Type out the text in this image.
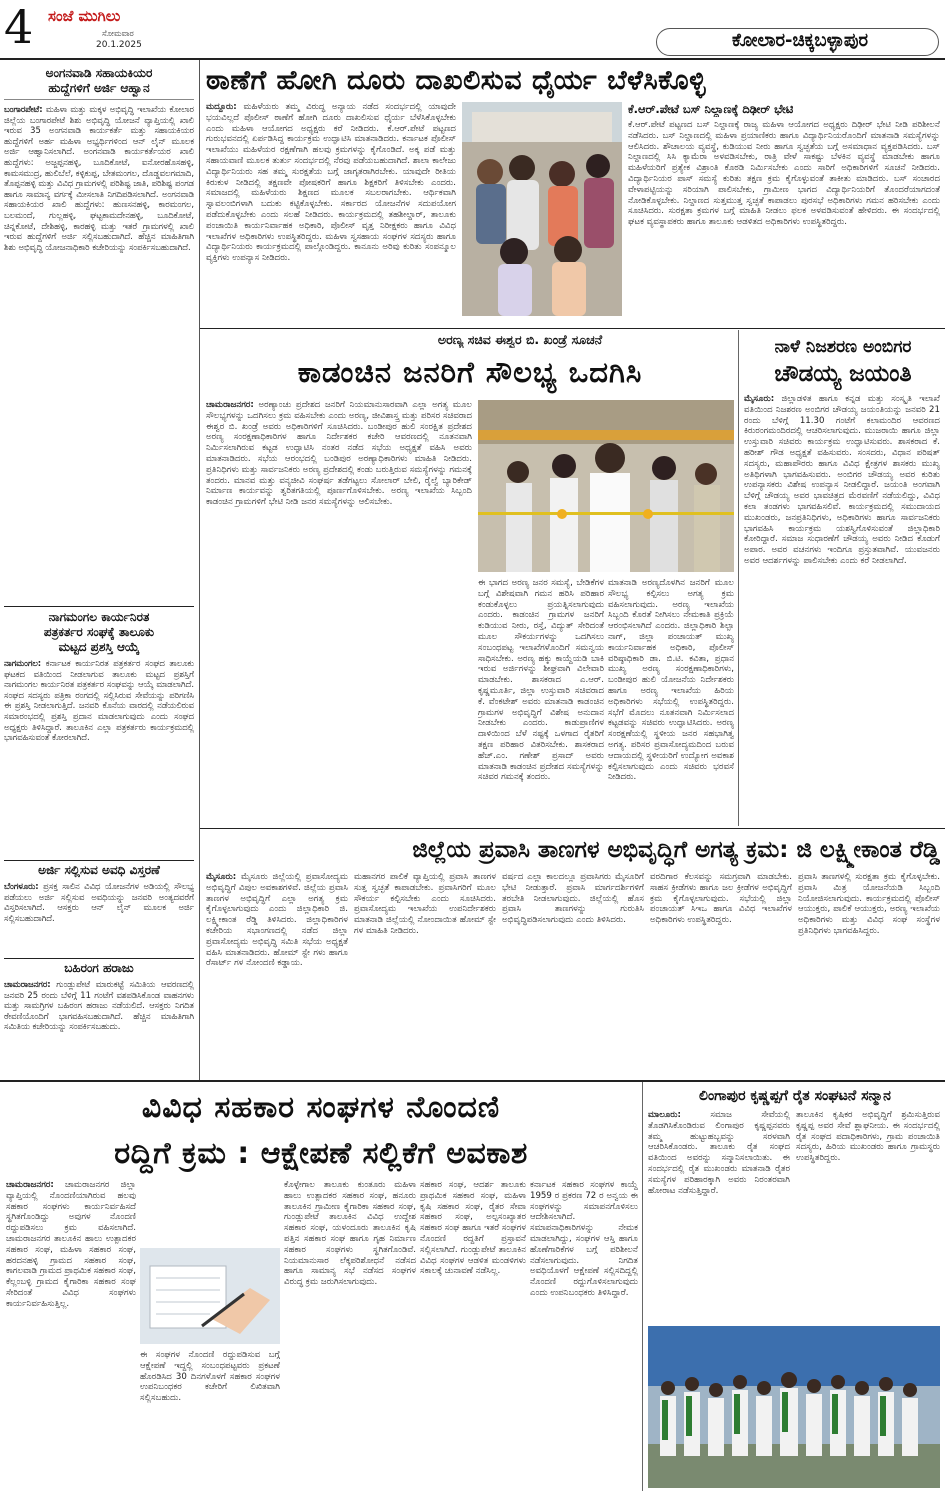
4 ಸಂಜೆ ಮುಗಿಲು
ಸೋಮವಾರ
20.1.2025	ಕೋಲಾರ-ಚಿಕ್ಕಬಳ್ಳಾಪುರ
ಅಂಗನವಾಡಿ ಸಹಾಯಕಿಯರ
ಹುದ್ದೆಗಳಿಗೆ ಅರ್ಜಿ ಆಹ್ವಾನ
ಬಂಗಾರಪೇಟೆ: ಮಹಿಳಾ ಮತ್ತು ಮಕ್ಕಳ ಅಭಿವೃದ್ಧಿ ಇಲಾಖೆಯ ಕೋಲಾರ ಜಿಲ್ಲೆಯ ಬಂಗಾರಪೇಟೆ ಶಿಶು ಅಭಿವೃದ್ಧಿ ಯೋಜನೆ ವ್ಯಾಪ್ತಿಯಲ್ಲಿ ಖಾಲಿ ಇರುವ 35 ಅಂಗನವಾಡಿ ಕಾರ್ಯಕರ್ತೆ ಮತ್ತು ಸಹಾಯಕಿಯರ ಹುದ್ದೆಗಳಿಗೆ ಅರ್ಹ ಮಹಿಳಾ ಅಭ್ಯರ್ಥಿಗಳಿಂದ ಆನ್ ಲೈನ್ ಮೂಲಕ ಅರ್ಜಿ ಆಹ್ವಾನಿಸಲಾಗಿದೆ. ಅಂಗನವಾಡಿ ಕಾರ್ಯಕರ್ತೆಯರ ಖಾಲಿ ಹುದ್ದೆಗಳು: ಅಜ್ಜಪ್ಪನಹಳ್ಳಿ, ಬೂದಿಕೋಟೆ, ಐನೋರಹೊಸಹಳ್ಳಿ, ಕಾಮಸಮುದ್ರ, ಹುಲಿಬೆಲೆ, ಕಳ್ಳಿಕುಪ್ಪ, ಬೇತಮಂಗಲ, ದೊಡ್ಡವಲಗಮಾದಿ, ತೊಪ್ಪನಹಳ್ಳಿ ಮತ್ತು ವಿವಿಧ ಗ್ರಾಮಗಳಲ್ಲಿ ಪರಿಶಿಷ್ಟ ಜಾತಿ, ಪರಿಶಿಷ್ಟ ಪಂಗಡ ಹಾಗೂ ಸಾಮಾನ್ಯ ವರ್ಗಕ್ಕೆ ಮೀಸಲಾತಿ ನಿಗದಿಪಡಿಸಲಾಗಿದೆ. ಅಂಗನವಾಡಿ ಸಹಾಯಕಿಯರ ಖಾಲಿ ಹುದ್ದೆಗಳು: ಹುಣಸನಹಳ್ಳಿ, ಕಾರಮಂಗಲ, ಬಲಮಂದೆ, ಗುಲ್ಲಹಳ್ಳಿ, ಘಟ್ಟಕಾಮದೇನಹಳ್ಳಿ, ಬೂದಿಕೋಟೆ, ಚಿನ್ನಕೋಟೆ, ದೇಶಿಹಳ್ಳಿ, ಕಾರಹಳ್ಳಿ ಮತ್ತು ಇತರೆ ಗ್ರಾಮಗಳಲ್ಲಿ ಖಾಲಿ ಇರುವ ಹುದ್ದೆಗಳಿಗೆ ಅರ್ಜಿ ಸಲ್ಲಿಸಬಹುದಾಗಿದೆ. ಹೆಚ್ಚಿನ ಮಾಹಿತಿಗಾಗಿ ಶಿಶು ಅಭಿವೃದ್ಧಿ ಯೋಜನಾಧಿಕಾರಿ ಕಚೇರಿಯನ್ನು ಸಂಪರ್ಕಿಸಬಹುದಾಗಿದೆ.
ನಾಗಮಂಗಲ ಕಾರ್ಯನಿರತ
ಪತ್ರಕರ್ತರ ಸಂಘಕ್ಕೆ ತಾಲೂಕು
ಮಟ್ಟದ ಪ್ರಶಸ್ತಿ ಆಯ್ಕೆ
ನಾಗಮಂಗಲ: ಕರ್ನಾಟಕ ಕಾರ್ಯನಿರತ ಪತ್ರಕರ್ತರ ಸಂಘದ ತಾಲೂಕು ಘಟಕದ ವತಿಯಿಂದ ನೀಡಲಾಗುವ ತಾಲೂಕು ಮಟ್ಟದ ಪ್ರಶಸ್ತಿಗೆ ನಾಗಮಂಗಲ ಕಾರ್ಯನಿರತ ಪತ್ರಕರ್ತರ ಸಂಘವನ್ನು ಆಯ್ಕೆ ಮಾಡಲಾಗಿದೆ. ಸಂಘದ ಸದಸ್ಯರು ಪತ್ರಿಕಾ ರಂಗದಲ್ಲಿ ಸಲ್ಲಿಸಿರುವ ಸೇವೆಯನ್ನು ಪರಿಗಣಿಸಿ ಈ ಪ್ರಶಸ್ತಿ ನೀಡಲಾಗುತ್ತಿದೆ. ಜನವರಿ ಕೊನೆಯ ವಾರದಲ್ಲಿ ನಡೆಯಲಿರುವ ಸಮಾರಂಭದಲ್ಲಿ ಪ್ರಶಸ್ತಿ ಪ್ರದಾನ ಮಾಡಲಾಗುವುದು ಎಂದು ಸಂಘದ ಅಧ್ಯಕ್ಷರು ತಿಳಿಸಿದ್ದಾರೆ. ತಾಲೂಕಿನ ಎಲ್ಲಾ ಪತ್ರಕರ್ತರು ಕಾರ್ಯಕ್ರಮದಲ್ಲಿ ಭಾಗವಹಿಸುವಂತೆ ಕೋರಲಾಗಿದೆ.
ಅರ್ಜಿ ಸಲ್ಲಿಸುವ ಅವಧಿ ವಿಸ್ತರಣೆ
ಬೆಂಗಳೂರು: ಪ್ರಸಕ್ತ ಸಾಲಿನ ವಿವಿಧ ಯೋಜನೆಗಳ ಅಡಿಯಲ್ಲಿ ಸೌಲಭ್ಯ ಪಡೆಯಲು ಅರ್ಜಿ ಸಲ್ಲಿಸುವ ಅವಧಿಯನ್ನು ಜನವರಿ ಅಂತ್ಯದವರೆಗೆ ವಿಸ್ತರಿಸಲಾಗಿದೆ. ಆಸಕ್ತರು ಆನ್ ಲೈನ್ ಮೂಲಕ ಅರ್ಜಿ ಸಲ್ಲಿಸಬಹುದಾಗಿದೆ.
ಬಹಿರಂಗ ಹರಾಜು
ಚಾಮರಾಜನಗರ: ಗುಂಡ್ಲುಪೇಟೆ ಮಾರುಕಟ್ಟೆ ಸಮಿತಿಯ ಆವರಣದಲ್ಲಿ ಜನವರಿ 25 ರಂದು ಬೆಳಿಗ್ಗೆ 11 ಗಂಟೆಗೆ ವಶಪಡಿಸಿಕೊಂಡ ವಾಹನಗಳು ಮತ್ತು ಸಾಮಗ್ರಿಗಳ ಬಹಿರಂಗ ಹರಾಜು ನಡೆಯಲಿದೆ. ಆಸಕ್ತರು ನಿಗದಿತ ಠೇವಣಿಯೊಂದಿಗೆ ಭಾಗವಹಿಸಬಹುದಾಗಿದೆ. ಹೆಚ್ಚಿನ ಮಾಹಿತಿಗಾಗಿ ಸಮಿತಿಯ ಕಚೇರಿಯನ್ನು ಸಂಪರ್ಕಿಸಬಹುದು.
ಠಾಣೆಗೆ ಹೋಗಿ ದೂರು ದಾಖಲಿಸುವ ಧೈರ್ಯ ಬೆಳೆಸಿಕೊಳ್ಳಿ
ಮದ್ದೂರು: ಮಹಿಳೆಯರು ತಮ್ಮ ವಿರುದ್ಧ ಅನ್ಯಾಯ ನಡೆದ ಸಂದರ್ಭದಲ್ಲಿ ಯಾವುದೇ ಭಯವಿಲ್ಲದೆ ಪೊಲೀಸ್ ಠಾಣೆಗೆ ಹೋಗಿ ದೂರು ದಾಖಲಿಸುವ ಧೈರ್ಯ ಬೆಳೆಸಿಕೊಳ್ಳಬೇಕು ಎಂದು ಮಹಿಳಾ ಆಯೋಗದ ಅಧ್ಯಕ್ಷರು ಕರೆ ನೀಡಿದರು. ಕೆ.ಆರ್.ಪೇಟೆ ಪಟ್ಟಣದ ಗುರುಭವನದಲ್ಲಿ ಏರ್ಪಡಿಸಿದ್ದ ಕಾರ್ಯಕ್ರಮ ಉದ್ಘಾಟಿಸಿ ಮಾತನಾಡಿದರು. ಕರ್ನಾಟಕ ಪೊಲೀಸ್ ಇಲಾಖೆಯು ಮಹಿಳೆಯರ ರಕ್ಷಣೆಗಾಗಿ ಹಲವು ಕ್ರಮಗಳನ್ನು ಕೈಗೊಂಡಿದೆ. ಅಕ್ಕ ಪಡೆ ಮತ್ತು ಸಹಾಯವಾಣಿ ಮೂಲಕ ತುರ್ತು ಸಂದರ್ಭದಲ್ಲಿ ನೆರವು ಪಡೆಯಬಹುದಾಗಿದೆ. ಶಾಲಾ ಕಾಲೇಜು ವಿದ್ಯಾರ್ಥಿನಿಯರು ಸಹ ತಮ್ಮ ಸುರಕ್ಷತೆಯ ಬಗ್ಗೆ ಜಾಗೃತರಾಗಿರಬೇಕು. ಯಾವುದೇ ರೀತಿಯ ಕಿರುಕುಳ ನೀಡಿದಲ್ಲಿ ತಕ್ಷಣವೇ ಪೋಷಕರಿಗೆ ಹಾಗೂ ಶಿಕ್ಷಕರಿಗೆ ತಿಳಿಸಬೇಕು ಎಂದರು. ಸಮಾಜದಲ್ಲಿ ಮಹಿಳೆಯರು ಶಿಕ್ಷಣದ ಮೂಲಕ ಸಬಲರಾಗಬೇಕು. ಆರ್ಥಿಕವಾಗಿ ಸ್ವಾವಲಂಬಿಗಳಾಗಿ ಬದುಕು ಕಟ್ಟಿಕೊಳ್ಳಬೇಕು. ಸರ್ಕಾರದ ಯೋಜನೆಗಳ ಸದುಪಯೋಗ ಪಡೆದುಕೊಳ್ಳಬೇಕು ಎಂದು ಸಲಹೆ ನೀಡಿದರು. ಕಾರ್ಯಕ್ರಮದಲ್ಲಿ ತಹಶೀಲ್ದಾರ್, ತಾಲೂಕು ಪಂಚಾಯಿತಿ ಕಾರ್ಯನಿರ್ವಾಹಕ ಅಧಿಕಾರಿ, ಪೊಲೀಸ್ ವೃತ್ತ ನಿರೀಕ್ಷಕರು ಹಾಗೂ ವಿವಿಧ ಇಲಾಖೆಗಳ ಅಧಿಕಾರಿಗಳು ಉಪಸ್ಥಿತರಿದ್ದರು. ಮಹಿಳಾ ಸ್ವಸಹಾಯ ಸಂಘಗಳ ಸದಸ್ಯರು ಹಾಗೂ ವಿದ್ಯಾರ್ಥಿನಿಯರು ಕಾರ್ಯಕ್ರಮದಲ್ಲಿ ಪಾಲ್ಗೊಂಡಿದ್ದರು. ಕಾನೂನು ಅರಿವು ಕುರಿತು ಸಂಪನ್ಮೂಲ ವ್ಯಕ್ತಿಗಳು ಉಪನ್ಯಾಸ ನೀಡಿದರು.
ಕೆ.ಆರ್.ಪೇಟೆ ಬಸ್ ನಿಲ್ದಾಣಕ್ಕೆ ದಿಢೀರ್ ಭೇಟಿ
ಕೆ.ಆರ್.ಪೇಟೆ ಪಟ್ಟಣದ ಬಸ್ ನಿಲ್ದಾಣಕ್ಕೆ ರಾಜ್ಯ ಮಹಿಳಾ ಆಯೋಗದ ಅಧ್ಯಕ್ಷರು ದಿಢೀರ್ ಭೇಟಿ ನೀಡಿ ಪರಿಶೀಲನೆ ನಡೆಸಿದರು. ಬಸ್ ನಿಲ್ದಾಣದಲ್ಲಿ ಮಹಿಳಾ ಪ್ರಯಾಣಿಕರು ಹಾಗೂ ವಿದ್ಯಾರ್ಥಿನಿಯರೊಂದಿಗೆ ಮಾತನಾಡಿ ಸಮಸ್ಯೆಗಳನ್ನು ಆಲಿಸಿದರು. ಶೌಚಾಲಯ ವ್ಯವಸ್ಥೆ, ಕುಡಿಯುವ ನೀರು ಹಾಗೂ ಸ್ವಚ್ಛತೆಯ ಬಗ್ಗೆ ಅಸಮಾಧಾನ ವ್ಯಕ್ತಪಡಿಸಿದರು. ಬಸ್ ನಿಲ್ದಾಣದಲ್ಲಿ ಸಿಸಿ ಕ್ಯಾಮೆರಾ ಅಳವಡಿಸಬೇಕು, ರಾತ್ರಿ ವೇಳೆ ಸಾಕಷ್ಟು ಬೆಳಕಿನ ವ್ಯವಸ್ಥೆ ಮಾಡಬೇಕು ಹಾಗೂ ಮಹಿಳೆಯರಿಗೆ ಪ್ರತ್ಯೇಕ ವಿಶ್ರಾಂತಿ ಕೊಠಡಿ ನಿರ್ಮಿಸಬೇಕು ಎಂದು ಸಾರಿಗೆ ಅಧಿಕಾರಿಗಳಿಗೆ ಸೂಚನೆ ನೀಡಿದರು. ವಿದ್ಯಾರ್ಥಿನಿಯರ ಪಾಸ್ ಸಮಸ್ಯೆ ಕುರಿತು ತಕ್ಷಣ ಕ್ರಮ ಕೈಗೊಳ್ಳುವಂತೆ ತಾಕೀತು ಮಾಡಿದರು. ಬಸ್ ಸಂಚಾರದ ವೇಳಾಪಟ್ಟಿಯನ್ನು ಸರಿಯಾಗಿ ಪಾಲಿಸಬೇಕು, ಗ್ರಾಮೀಣ ಭಾಗದ ವಿದ್ಯಾರ್ಥಿನಿಯರಿಗೆ ತೊಂದರೆಯಾಗದಂತೆ ನೋಡಿಕೊಳ್ಳಬೇಕು. ನಿಲ್ದಾಣದ ಸುತ್ತಮುತ್ತ ಸ್ವಚ್ಛತೆ ಕಾಪಾಡಲು ಪುರಸಭೆ ಅಧಿಕಾರಿಗಳು ಗಮನ ಹರಿಸಬೇಕು ಎಂದು ಸೂಚಿಸಿದರು. ಸುರಕ್ಷತಾ ಕ್ರಮಗಳ ಬಗ್ಗೆ ಮಾಹಿತಿ ನೀಡಲು ಫಲಕ ಅಳವಡಿಸುವಂತೆ ಹೇಳಿದರು. ಈ ಸಂದರ್ಭದಲ್ಲಿ ಘಟಕ ವ್ಯವಸ್ಥಾಪಕರು ಹಾಗೂ ತಾಲೂಕು ಆಡಳಿತದ ಅಧಿಕಾರಿಗಳು ಉಪಸ್ಥಿತರಿದ್ದರು.
ಅರಣ್ಯ ಸಚಿವ ಈಶ್ವರ ಬಿ. ಖಂಡ್ರೆ ಸೂಚನೆ
ಕಾಡಂಚಿನ ಜನರಿಗೆ ಸೌಲಭ್ಯ ಒದಗಿಸಿ
ಚಾಮರಾಜನಗರ: ಅರಣ್ಯಾಂಚು ಪ್ರದೇಶದ ಜನರಿಗೆ ನಿಯಮಾನುಸಾರವಾಗಿ ಎಲ್ಲಾ ಅಗತ್ಯ ಮೂಲ ಸೌಲಭ್ಯಗಳನ್ನು ಒದಗಿಸಲು ಕ್ರಮ ವಹಿಸಬೇಕು ಎಂದು ಅರಣ್ಯ, ಜೀವಿಶಾಸ್ತ್ರ ಮತ್ತು ಪರಿಸರ ಸಚಿವರಾದ ಈಶ್ವರ ಬಿ. ಖಂಡ್ರೆ ಅವರು ಅಧಿಕಾರಿಗಳಿಗೆ ಸೂಚಿಸಿದರು. ಬಂಡೀಪುರ ಹುಲಿ ಸಂರಕ್ಷಿತ ಪ್ರದೇಶದ ಅರಣ್ಯ ಸಂರಕ್ಷಣಾಧಿಕಾರಿಗಳ ಹಾಗೂ ನಿರ್ದೇಶಕರ ಕಚೇರಿ ಆವರಣದಲ್ಲಿ ನೂತನವಾಗಿ ನಿರ್ಮಿಸಲಾಗಿರುವ ಕಟ್ಟಡ ಉದ್ಘಾಟಿಸಿ ನಂತರ ನಡೆದ ಸಭೆಯ ಅಧ್ಯಕ್ಷತೆ ವಹಿಸಿ ಅವರು ಮಾತನಾಡಿದರು. ಸಭೆಯ ಆರಂಭದಲ್ಲಿ ಬಂಡಿಪುರ ಅರಣ್ಯಾಧಿಕಾರಿಗಳು ಮಾಹಿತಿ ನೀಡಿದರು. ಪ್ರತಿನಿಧಿಗಳು ಮತ್ತು ಸಾರ್ವಜನಿಕರು ಅರಣ್ಯ ಪ್ರದೇಶದಲ್ಲಿ ಕಂಡು ಬರುತ್ತಿರುವ ಸಮಸ್ಯೆಗಳನ್ನು ಗಮನಕ್ಕೆ ತಂದರು. ಮಾನವ ಮತ್ತು ವನ್ಯಜೀವಿ ಸಂಘರ್ಷ ತಡೆಗಟ್ಟಲು ಸೋಲಾರ್ ಬೇಲಿ, ರೈಲ್ವೆ ಬ್ಯಾರಿಕೇಡ್ ನಿರ್ಮಾಣ ಕಾರ್ಯವನ್ನು ತ್ವರಿತಗತಿಯಲ್ಲಿ ಪೂರ್ಣಗೊಳಿಸಬೇಕು. ಅರಣ್ಯ ಇಲಾಖೆಯ ಸಿಬ್ಬಂದಿ ಕಾಡಂಚಿನ ಗ್ರಾಮಗಳಿಗೆ ಭೇಟಿ ನೀಡಿ ಜನರ ಸಮಸ್ಯೆಗಳನ್ನು ಆಲಿಸಬೇಕು.
ಈ ಭಾಗದ ಅರಣ್ಯ ಜನರ ಸಮಸ್ಯೆ, ಬೇಡಿಕೆಗಳ ಬಗ್ಗೆ ವಿಶೇಷವಾಗಿ ಗಮನ ಹರಿಸಿ ಪರಿಹಾರ ಕಂಡುಕೊಳ್ಳಲು ಪ್ರಯತ್ನಿಸಲಾಗುವುದು ಎಂದರು. ಕಾಡಂಚಿನ ಗ್ರಾಮಗಳ ಜನರಿಗೆ ಕುಡಿಯುವ ನೀರು, ರಸ್ತೆ, ವಿದ್ಯುತ್ ಸೇರಿದಂತೆ ಮೂಲ ಸೌಕರ್ಯಗಳನ್ನು ಒದಗಿಸಲು ಸಂಬಂಧಪಟ್ಟ ಇಲಾಖೆಗಳೊಂದಿಗೆ ಸಮನ್ವಯ ಸಾಧಿಸಬೇಕು. ಅರಣ್ಯ ಹಕ್ಕು ಕಾಯ್ದೆಯಡಿ ಬಾಕಿ ಇರುವ ಅರ್ಜಿಗಳನ್ನು ಶೀಘ್ರವಾಗಿ ವಿಲೇವಾರಿ ಮಾಡಬೇಕು. ಶಾಸಕರಾದ ಎ.ಆರ್. ಕೃಷ್ಣಮೂರ್ತಿ, ಜಿಲ್ಲಾ ಉಸ್ತುವಾರಿ ಸಚಿವರಾದ ಕೆ. ವೆಂಕಟೇಶ್ ಅವರು ಮಾತನಾಡಿ ಕಾಡಂಚಿನ ಗ್ರಾಮಗಳ ಅಭಿವೃದ್ಧಿಗೆ ವಿಶೇಷ ಅನುದಾನ ನೀಡಬೇಕು ಎಂದರು. ಕಾಡುಪ್ರಾಣಿಗಳ ದಾಳಿಯಿಂದ ಬೆಳೆ ನಷ್ಟಕ್ಕೆ ಒಳಗಾದ ರೈತರಿಗೆ ತಕ್ಷಣ ಪರಿಹಾರ ವಿತರಿಸಬೇಕು. ಶಾಸಕರಾದ ಹೆಚ್.ಎಂ. ಗಣೇಶ್ ಪ್ರಸಾದ್ ಅವರು ಮಾತನಾಡಿ ಕಾಡಂಚಿನ ಪ್ರದೇಶದ ಸಮಸ್ಯೆಗಳನ್ನು ಸಚಿವರ ಗಮನಕ್ಕೆ ತಂದರು.
ಮಾತನಾಡಿ ಅರಣ್ಯದೊಳಗಿನ ಜನರಿಗೆ ಮೂಲ ಸೌಲಭ್ಯ ಕಲ್ಪಿಸಲು ಅಗತ್ಯ ಕ್ರಮ ವಹಿಸಲಾಗುವುದು. ಅರಣ್ಯ ಇಲಾಖೆಯ ಸಿಬ್ಬಂದಿ ಕೊರತೆ ನೀಗಿಸಲು ನೇಮಕಾತಿ ಪ್ರಕ್ರಿಯೆ ಆರಂಭಿಸಲಾಗಿದೆ ಎಂದರು. ಜಿಲ್ಲಾಧಿಕಾರಿ ಶಿಲ್ಪಾ ನಾಗ್, ಜಿಲ್ಲಾ ಪಂಚಾಯತ್ ಮುಖ್ಯ ಕಾರ್ಯನಿರ್ವಾಹಕ ಅಧಿಕಾರಿ, ಪೊಲೀಸ್ ವರಿಷ್ಠಾಧಿಕಾರಿ ಡಾ. ಬಿ.ಟಿ. ಕವಿತಾ, ಪ್ರಧಾನ ಮುಖ್ಯ ಅರಣ್ಯ ಸಂರಕ್ಷಣಾಧಿಕಾರಿಗಳು, ಬಂಡೀಪುರ ಹುಲಿ ಯೋಜನೆಯ ನಿರ್ದೇಶಕರು ಹಾಗೂ ಅರಣ್ಯ ಇಲಾಖೆಯ ಹಿರಿಯ ಅಧಿಕಾರಿಗಳು ಸಭೆಯಲ್ಲಿ ಉಪಸ್ಥಿತರಿದ್ದರು. ಸಭೆಗೆ ಮೊದಲು ನೂತನವಾಗಿ ನಿರ್ಮಿಸಲಾದ ಕಟ್ಟಡವನ್ನು ಸಚಿವರು ಉದ್ಘಾಟಿಸಿದರು. ಅರಣ್ಯ ಸಂರಕ್ಷಣೆಯಲ್ಲಿ ಸ್ಥಳೀಯ ಜನರ ಸಹಭಾಗಿತ್ವ ಅಗತ್ಯ. ಪರಿಸರ ಪ್ರವಾಸೋದ್ಯಮದಿಂದ ಬರುವ ಆದಾಯದಲ್ಲಿ ಸ್ಥಳೀಯರಿಗೆ ಉದ್ಯೋಗ ಅವಕಾಶ ಕಲ್ಪಿಸಲಾಗುವುದು ಎಂದು ಸಚಿವರು ಭರವಸೆ ನೀಡಿದರು.
ನಾಳೆ ನಿಜಶರಣ ಅಂಬಿಗರ
ಚೌಡಯ್ಯ ಜಯಂತಿ
ಮೈಸೂರು: ಜಿಲ್ಲಾಡಳಿತ ಹಾಗೂ ಕನ್ನಡ ಮತ್ತು ಸಂಸ್ಕೃತಿ ಇಲಾಖೆ ವತಿಯಿಂದ ನಿಜಶರಣ ಅಂಬಿಗರ ಚೌಡಯ್ಯ ಜಯಂತಿಯನ್ನು ಜನವರಿ 21 ರಂದು ಬೆಳಿಗ್ಗೆ 11.30 ಗಂಟೆಗೆ ಕಲಾಮಂದಿರ ಆವರಣದ ಕಿರುರಂಗಮಂದಿರದಲ್ಲಿ ಆಚರಿಸಲಾಗುವುದು. ಮುಜರಾಯಿ ಹಾಗೂ ಜಿಲ್ಲಾ ಉಸ್ತುವಾರಿ ಸಚಿವರು ಕಾರ್ಯಕ್ರಮ ಉದ್ಘಾಟಿಸುವರು. ಶಾಸಕರಾದ ಕೆ. ಹರೀಶ್ ಗೌಡ ಅಧ್ಯಕ್ಷತೆ ವಹಿಸುವರು. ಸಂಸದರು, ವಿಧಾನ ಪರಿಷತ್ ಸದಸ್ಯರು, ಮಹಾಪೌರರು ಹಾಗೂ ವಿವಿಧ ಕ್ಷೇತ್ರಗಳ ಶಾಸಕರು ಮುಖ್ಯ ಅತಿಥಿಗಳಾಗಿ ಭಾಗವಹಿಸುವರು. ಅಂಬಿಗರ ಚೌಡಯ್ಯ ಅವರ ಕುರಿತು ಉಪನ್ಯಾಸಕರು ವಿಶೇಷ ಉಪನ್ಯಾಸ ನೀಡಲಿದ್ದಾರೆ. ಜಯಂತಿ ಅಂಗವಾಗಿ ಬೆಳಿಗ್ಗೆ ಚೌಡಯ್ಯ ಅವರ ಭಾವಚಿತ್ರದ ಮೆರವಣಿಗೆ ನಡೆಯಲಿದ್ದು, ವಿವಿಧ ಕಲಾ ತಂಡಗಳು ಭಾಗವಹಿಸಲಿವೆ. ಕಾರ್ಯಕ್ರಮದಲ್ಲಿ ಸಮುದಾಯದ ಮುಖಂಡರು, ಜನಪ್ರತಿನಿಧಿಗಳು, ಅಧಿಕಾರಿಗಳು ಹಾಗೂ ಸಾರ್ವಜನಿಕರು ಭಾಗವಹಿಸಿ ಕಾರ್ಯಕ್ರಮ ಯಶಸ್ವಿಗೊಳಿಸುವಂತೆ ಜಿಲ್ಲಾಧಿಕಾರಿ ಕೋರಿದ್ದಾರೆ. ಸಮಾಜ ಸುಧಾರಣೆಗೆ ಚೌಡಯ್ಯ ಅವರು ನೀಡಿದ ಕೊಡುಗೆ ಅಪಾರ. ಅವರ ವಚನಗಳು ಇಂದಿಗೂ ಪ್ರಸ್ತುತವಾಗಿವೆ. ಯುವಜನರು ಅವರ ಆದರ್ಶಗಳನ್ನು ಪಾಲಿಸಬೇಕು ಎಂದು ಕರೆ ನೀಡಲಾಗಿದೆ.
ಜಿಲ್ಲೆಯ ಪ್ರವಾಸಿ ತಾಣಗಳ ಅಭಿವೃದ್ಧಿಗೆ ಅಗತ್ಯ ಕ್ರಮ: ಜಿ ಲಕ್ಷ್ಮೀಕಾಂತ ರೆಡ್ಡಿ
ಮೈಸೂರು: ಮೈಸೂರು ಜಿಲ್ಲೆಯಲ್ಲಿ ಪ್ರವಾಸೋದ್ಯಮ ಅಭಿವೃದ್ಧಿಗೆ ವಿಪುಲ ಅವಕಾಶಗಳಿವೆ. ಜಿಲ್ಲೆಯ ಪ್ರವಾಸಿ ತಾಣಗಳ ಅಭಿವೃದ್ಧಿಗೆ ಎಲ್ಲಾ ಅಗತ್ಯ ಕ್ರಮ ಕೈಗೊಳ್ಳಲಾಗುವುದು ಎಂದು ಜಿಲ್ಲಾಧಿಕಾರಿ ಜಿ. ಲಕ್ಷ್ಮೀಕಾಂತ ರೆಡ್ಡಿ ತಿಳಿಸಿದರು. ಜಿಲ್ಲಾಧಿಕಾರಿಗಳ ಕಚೇರಿಯ ಸಭಾಂಗಣದಲ್ಲಿ ನಡೆದ ಜಿಲ್ಲಾ ಪ್ರವಾಸೋದ್ಯಮ ಅಭಿವೃದ್ಧಿ ಸಮಿತಿ ಸಭೆಯ ಅಧ್ಯಕ್ಷತೆ ವಹಿಸಿ ಮಾತನಾಡಿದರು. ಹೋಮ್ ಸ್ಟೇ ಗಳು ಹಾಗೂ ರೆಸಾರ್ಟ್ ಗಳ ನೋಂದಣಿ ಕಡ್ಡಾಯ.
ಮಹಾನಗರ ಪಾಲಿಕೆ ವ್ಯಾಪ್ತಿಯಲ್ಲಿ ಪ್ರವಾಸಿ ತಾಣಗಳ ಸುತ್ತ ಸ್ವಚ್ಛತೆ ಕಾಪಾಡಬೇಕು. ಪ್ರವಾಸಿಗರಿಗೆ ಮೂಲ ಸೌಕರ್ಯ ಕಲ್ಪಿಸಬೇಕು ಎಂದು ಸೂಚಿಸಿದರು. ಪ್ರವಾಸೋದ್ಯಮ ಇಲಾಖೆಯ ಉಪನಿರ್ದೇಶಕರು ಮಾತನಾಡಿ ಜಿಲ್ಲೆಯಲ್ಲಿ ನೋಂದಾಯಿತ ಹೋಮ್ ಸ್ಟೇ ಗಳ ಮಾಹಿತಿ ನೀಡಿದರು.
ವರ್ಷದ ಎಲ್ಲಾ ಕಾಲದಲ್ಲೂ ಪ್ರವಾಸಿಗರು ಮೈಸೂರಿಗೆ ಭೇಟಿ ನೀಡುತ್ತಾರೆ. ಪ್ರವಾಸಿ ಮಾರ್ಗದರ್ಶಿಗಳಿಗೆ ತರಬೇತಿ ನೀಡಲಾಗುವುದು. ಜಿಲ್ಲೆಯಲ್ಲಿ ಹೊಸ ಪ್ರವಾಸಿ ತಾಣಗಳನ್ನು ಗುರುತಿಸಿ ಅಭಿವೃದ್ಧಿಪಡಿಸಲಾಗುವುದು ಎಂದು ತಿಳಿಸಿದರು.
ವರದಿಗಾರ ಕೆಲಸವನ್ನು ಸಮಗ್ರವಾಗಿ ಮಾಡಬೇಕು. ಸಾಹಸ ಕ್ರೀಡೆಗಳು ಹಾಗೂ ಜಲ ಕ್ರೀಡೆಗಳ ಅಭಿವೃದ್ಧಿಗೆ ಕ್ರಮ ಕೈಗೊಳ್ಳಲಾಗುವುದು. ಸಭೆಯಲ್ಲಿ ಜಿಲ್ಲಾ ಪಂಚಾಯತ್ ಸಿಇಒ ಹಾಗೂ ವಿವಿಧ ಇಲಾಖೆಗಳ ಅಧಿಕಾರಿಗಳು ಉಪಸ್ಥಿತರಿದ್ದರು.
ಪ್ರವಾಸಿ ತಾಣಗಳಲ್ಲಿ ಸುರಕ್ಷತಾ ಕ್ರಮ ಕೈಗೊಳ್ಳಬೇಕು. ಪ್ರವಾಸಿ ಮಿತ್ರ ಯೋಜನೆಯಡಿ ಸಿಬ್ಬಂದಿ ನಿಯೋಜಿಸಲಾಗುವುದು. ಕಾರ್ಯಕ್ರಮದಲ್ಲಿ ಪೊಲೀಸ್ ಆಯುಕ್ತರು, ಪಾಲಿಕೆ ಆಯುಕ್ತರು, ಅರಣ್ಯ ಇಲಾಖೆಯ ಅಧಿಕಾರಿಗಳು ಮತ್ತು ವಿವಿಧ ಸಂಘ ಸಂಸ್ಥೆಗಳ ಪ್ರತಿನಿಧಿಗಳು ಭಾಗವಹಿಸಿದ್ದರು.
ವಿವಿಧ ಸಹಕಾರ ಸಂಘಗಳ ನೊಂದಣಿ
ರದ್ದಿಗೆ ಕ್ರಮ : ಆಕ್ಷೇಪಣೆ ಸಲ್ಲಿಕೆಗೆ ಅವಕಾಶ
ಚಾಮರಾಜನಗರ: ಚಾಮರಾಜನಗರ ಜಿಲ್ಲಾ ವ್ಯಾಪ್ತಿಯಲ್ಲಿ ನೊಂದಣಿಯಾಗಿರುವ ಹಲವು ಸಹಕಾರ ಸಂಘಗಳು ಕಾರ್ಯನಿರ್ವಹಿಸದೆ ಸ್ಥಗಿತಗೊಂಡಿದ್ದು ಅವುಗಳ ನೊಂದಣಿ ರದ್ದುಪಡಿಸಲು ಕ್ರಮ ವಹಿಸಲಾಗಿದೆ. ಚಾಮರಾಜನಗರ ತಾಲೂಕಿನ ಹಾಲು ಉತ್ಪಾದಕರ ಸಹಕಾರ ಸಂಘ, ಮಹಿಳಾ ಸಹಕಾರ ಸಂಘ, ಹರದನಹಳ್ಳಿ ಗ್ರಾಮದ ಸಹಕಾರ ಸಂಘ, ಕಾಗಲವಾಡಿ ಗ್ರಾಮದ ಪ್ರಾಥಮಿಕ ಸಹಕಾರ ಸಂಘ, ಕೆಲ್ಲಂಬಳ್ಳಿ ಗ್ರಾಮದ ಕೈಗಾರಿಕಾ ಸಹಕಾರ ಸಂಘ ಸೇರಿದಂತೆ ವಿವಿಧ ಸಂಘಗಳು ಕಾರ್ಯನಿರ್ವಹಿಸುತ್ತಿಲ್ಲ.
ಈ ಸಂಘಗಳ ನೊಂದಣಿ ರದ್ದುಪಡಿಸುವ ಬಗ್ಗೆ ಆಕ್ಷೇಪಣೆ ಇದ್ದಲ್ಲಿ ಸಂಬಂಧಪಟ್ಟವರು ಪ್ರಕಟಣೆ ಹೊರಡಿಸಿದ 30 ದಿನಗಳೊಳಗೆ ಸಹಕಾರ ಸಂಘಗಳ ಉಪನಿಬಂಧಕರ ಕಚೇರಿಗೆ ಲಿಖಿತವಾಗಿ ಸಲ್ಲಿಸಬಹುದು.
ಕೊಳ್ಳೇಗಾಲ ತಾಲೂಕು ಕುಂತೂರು ಮಹಿಳಾ ಹಾಲು ಉತ್ಪಾದಕರ ಸಹಕಾರ ಸಂಘ, ಹನೂರು ತಾಲೂಕಿನ ಗ್ರಾಮೀಣ ಕೈಗಾರಿಕಾ ಸಹಕಾರ ಸಂಘ, ಗುಂಡ್ಲುಪೇಟೆ ತಾಲೂಕಿನ ವಿವಿಧ ಉದ್ದೇಶ ಸಹಕಾರ ಸಂಘ, ಯಳಂದೂರು ತಾಲೂಕಿನ ಕೃಷಿ ಪತ್ತಿನ ಸಹಕಾರ ಸಂಘ ಹಾಗೂ ಗೃಹ ನಿರ್ಮಾಣ ಸಹಕಾರ ಸಂಘಗಳು ಸ್ಥಗಿತಗೊಂಡಿವೆ. ನಿಯಮಾನುಸಾರ ಲೆಕ್ಕಪರಿಶೋಧನೆ ನಡೆಸದ ಹಾಗೂ ಸಾಮಾನ್ಯ ಸಭೆ ನಡೆಸದ ಸಂಘಗಳ ವಿರುದ್ಧ ಕ್ರಮ ಜರುಗಿಸಲಾಗುವುದು.
ಸಹಕಾರ ಸಂಘ, ಆದರ್ಶ ತಾಲೂಕು ಪ್ರಾಥಮಿಕ ಸಹಕಾರ ಸಂಘ, ಮಹಿಳಾ ಕೃಷಿ ಸಹಕಾರ ಸಂಘ, ರೈತರ ಸೇವಾ ಸಹಕಾರ ಸಂಘ, ಅಲ್ಪಸಂಖ್ಯಾತರ ಸಹಕಾರ ಸಂಘ ಹಾಗೂ ಇತರೆ ಸಂಘಗಳ ನೊಂದಣಿ ರದ್ದತಿಗೆ ಪ್ರಸ್ತಾವನೆ ಸಲ್ಲಿಸಲಾಗಿದೆ. ಗುಂಡ್ಲುಪೇಟೆ ತಾಲೂಕಿನ ವಿವಿಧ ಸಂಘಗಳ ಆಡಳಿತ ಮಂಡಳಿಗಳು ಸಕಾಲಕ್ಕೆ ಚುನಾವಣೆ ನಡೆಸಿಲ್ಲ.
ಕರ್ನಾಟಕ ಸಹಕಾರ ಸಂಘಗಳ ಕಾಯ್ದೆ 1959 ರ ಪ್ರಕರಣ 72 ರ ಅನ್ವಯ ಈ ಸಂಘಗಳನ್ನು ಸಮಾಪನಗೊಳಿಸಲು ಆದೇಶಿಸಲಾಗಿದೆ. ಸಮಾಪನಾಧಿಕಾರಿಗಳನ್ನು ನೇಮಕ ಮಾಡಲಾಗಿದ್ದು, ಸಂಘಗಳ ಆಸ್ತಿ ಹಾಗೂ ಹೊಣೆಗಾರಿಕೆಗಳ ಬಗ್ಗೆ ಪರಿಶೀಲನೆ ನಡೆಸಲಾಗುವುದು. ನಿಗದಿತ ಅವಧಿಯೊಳಗೆ ಆಕ್ಷೇಪಣೆ ಸಲ್ಲಿಸದಿದ್ದಲ್ಲಿ ನೊಂದಣಿ ರದ್ದುಗೊಳಿಸಲಾಗುವುದು ಎಂದು ಉಪನಿಬಂಧಕರು ತಿಳಿಸಿದ್ದಾರೆ.
ಲಿಂಗಾಪುರ ಕೃಷ್ಣಪ್ಪಗೆ ರೈತ ಸಂಘಟನೆ ಸನ್ಮಾನ
ಮಾಲೂರು:	ಸಮಾಜ ಸೇವೆಯಲ್ಲಿ ತೊಡಗಿಸಿಕೊಂಡಿರುವ ಲಿಂಗಾಪುರ ಕೃಷ್ಣಪ್ಪನವರು ತಮ್ಮ ಹುಟ್ಟುಹಬ್ಬವನ್ನು ಸರಳವಾಗಿ ಆಚರಿಸಿಕೊಂಡರು. ತಾಲೂಕು ರೈತ ಸಂಘದ ವತಿಯಿಂದ ಅವರನ್ನು ಸನ್ಮಾನಿಸಲಾಯಿತು. ಈ ಸಂದರ್ಭದಲ್ಲಿ ರೈತ ಮುಖಂಡರು ಮಾತನಾಡಿ ರೈತರ ಸಮಸ್ಯೆಗಳ ಪರಿಹಾರಕ್ಕಾಗಿ ಅವರು ನಿರಂತರವಾಗಿ ಹೋರಾಟ ನಡೆಸುತ್ತಿದ್ದಾರೆ.
ತಾಲೂಕಿನ ಕೃಷಿಕರ ಅಭಿವೃದ್ಧಿಗೆ ಶ್ರಮಿಸುತ್ತಿರುವ ಕೃಷ್ಣಪ್ಪ ಅವರ ಸೇವೆ ಶ್ಲಾಘನೀಯ. ಈ ಸಂದರ್ಭದಲ್ಲಿ ರೈತ ಸಂಘದ ಪದಾಧಿಕಾರಿಗಳು, ಗ್ರಾಮ ಪಂಚಾಯಿತಿ ಸದಸ್ಯರು, ಹಿರಿಯ ಮುಖಂಡರು ಹಾಗೂ ಗ್ರಾಮಸ್ಥರು ಉಪಸ್ಥಿತರಿದ್ದರು.
